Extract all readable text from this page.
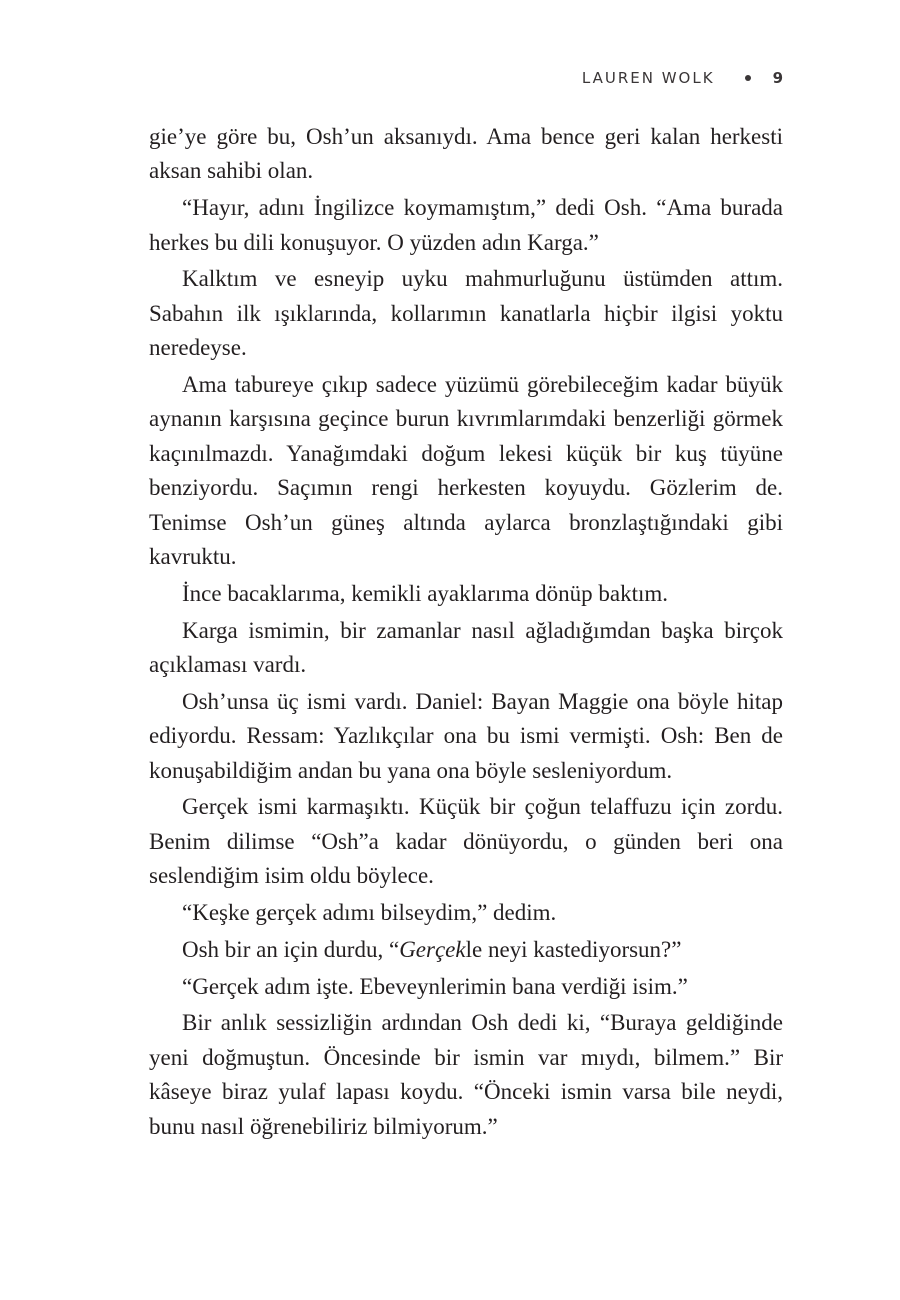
LAUREN WOLK	9

gie’ye göre bu, Osh’un aksanıydı. Ama bence geri kalan herkesti aksan sahibi olan.

“Hayır, adını İngilizce koymamıştım,” dedi Osh. “Ama burada herkes bu dili konuşuyor. O yüzden adın Karga.”

Kalktım ve esneyip uyku mahmurluğunu üstümden attım. Sabahın ilk ışıklarında, kollarımın kanatlarla hiçbir ilgisi yoktu neredeyse.

Ama tabureye çıkıp sadece yüzümü görebileceğim kadar büyük aynanın karşısına geçince burun kıvrımlarımdaki benzerliği görmek kaçınılmazdı. Yanağımdaki doğum lekesi küçük bir kuş tüyüne benziyordu. Saçımın rengi herkesten koyuydu. Gözlerim de. Tenimse Osh’un güneş altında aylarca bronzlaştığındaki gibi kavruktu.

İnce bacaklarıma, kemikli ayaklarıma dönüp baktım.

Karga ismimin, bir zamanlar nasıl ağladığımdan başka birçok açıklaması vardı.

Osh’unsa üç ismi vardı. Daniel: Bayan Maggie ona böyle hitap ediyordu. Ressam: Yazlıkçılar ona bu ismi vermişti. Osh: Ben de konuşabildiğim andan bu yana ona böyle sesleniyordum.

Gerçek ismi karmaşıktı. Küçük bir çoğun telaffuzu için zordu. Benim dilimse “Osh”a kadar dönüyordu, o günden beri ona seslendiğim isim oldu böylece.

“Keşke gerçek adımı bilseydim,” dedim.

Osh bir an için durdu, “Gerçekle neyi kastediyorsun?”

“Gerçek adım işte. Ebeveynlerimin bana verdiği isim.”

Bir anlık sessizliğin ardından Osh dedi ki, “Buraya geldiğinde yeni doğmuştun. Öncesinde bir ismin var mıydı, bilmem.” Bir kâseye biraz yulaf lapası koydu. “Önceki ismin varsa bile neydi, bunu nasıl öğrenebiliriz bilmiyorum.”
